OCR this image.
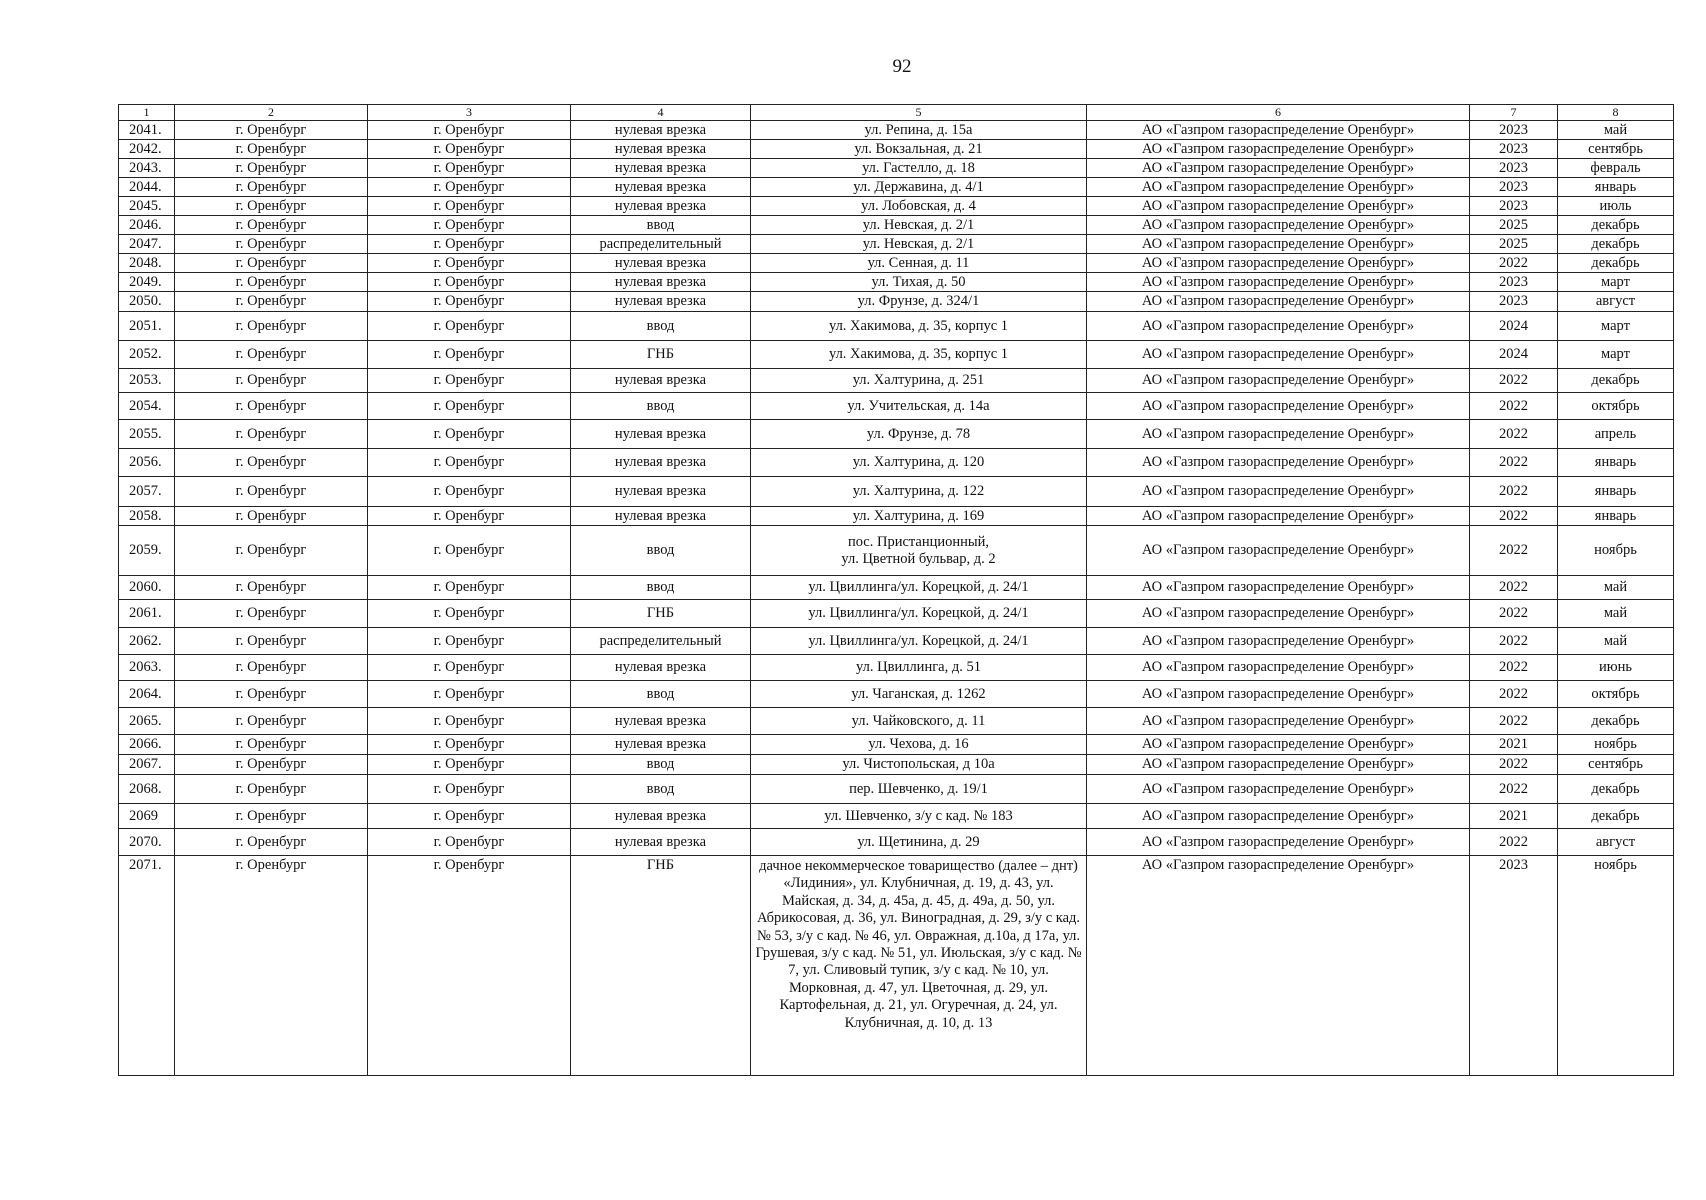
92
1	2	3	4	5	6	7	8
2041.	г. Оренбург	г. Оренбург	нулевая врезка	ул. Репина, д. 15а	АО «Газпром газораспределение Оренбург»	2023	май
2042.	г. Оренбург	г. Оренбург	нулевая врезка	ул. Вокзальная, д. 21	АО «Газпром газораспределение Оренбург»	2023	сентябрь
2043.	г. Оренбург	г. Оренбург	нулевая врезка	ул. Гастелло, д. 18	АО «Газпром газораспределение Оренбург»	2023	февраль
2044.	г. Оренбург	г. Оренбург	нулевая врезка	ул. Державина, д. 4/1	АО «Газпром газораспределение Оренбург»	2023	январь
2045.	г. Оренбург	г. Оренбург	нулевая врезка	ул. Лобовская, д. 4	АО «Газпром газораспределение Оренбург»	2023	июль
2046.	г. Оренбург	г. Оренбург	ввод	ул. Невская, д. 2/1	АО «Газпром газораспределение Оренбург»	2025	декабрь
2047.	г. Оренбург	г. Оренбург	распределительный	ул. Невская, д. 2/1	АО «Газпром газораспределение Оренбург»	2025	декабрь
2048.	г. Оренбург	г. Оренбург	нулевая врезка	ул. Сенная, д. 11	АО «Газпром газораспределение Оренбург»	2022	декабрь
2049.	г. Оренбург	г. Оренбург	нулевая врезка	ул. Тихая, д. 50	АО «Газпром газораспределение Оренбург»	2023	март
2050.	г. Оренбург	г. Оренбург	нулевая врезка	ул. Фрунзе, д. 324/1	АО «Газпром газораспределение Оренбург»	2023	август
2051.	г. Оренбург	г. Оренбург	ввод	ул. Хакимова, д. 35, корпус 1	АО «Газпром газораспределение Оренбург»	2024	март
2052.	г. Оренбург	г. Оренбург	ГНБ	ул. Хакимова, д. 35, корпус 1	АО «Газпром газораспределение Оренбург»	2024	март
2053.	г. Оренбург	г. Оренбург	нулевая врезка	ул. Халтурина, д. 251	АО «Газпром газораспределение Оренбург»	2022	декабрь
2054.	г. Оренбург	г. Оренбург	ввод	ул. Учительская, д. 14а	АО «Газпром газораспределение Оренбург»	2022	октябрь
2055.	г. Оренбург	г. Оренбург	нулевая врезка	ул. Фрунзе, д. 78	АО «Газпром газораспределение Оренбург»	2022	апрель
2056.	г. Оренбург	г. Оренбург	нулевая врезка	ул. Халтурина, д. 120	АО «Газпром газораспределение Оренбург»	2022	январь
2057.	г. Оренбург	г. Оренбург	нулевая врезка	ул. Халтурина, д. 122	АО «Газпром газораспределение Оренбург»	2022	январь
2058.	г. Оренбург	г. Оренбург	нулевая врезка	ул. Халтурина, д. 169	АО «Газпром газораспределение Оренбург»	2022	январь
2059.	г. Оренбург	г. Оренбург	ввод	пос. Пристанционный,
ул. Цветной бульвар, д. 2	АО «Газпром газораспределение Оренбург»	2022	ноябрь
2060.	г. Оренбург	г. Оренбург	ввод	ул. Цвиллинга/ул. Корецкой, д. 24/1	АО «Газпром газораспределение Оренбург»	2022	май
2061.	г. Оренбург	г. Оренбург	ГНБ	ул. Цвиллинга/ул. Корецкой, д. 24/1	АО «Газпром газораспределение Оренбург»	2022	май
2062.	г. Оренбург	г. Оренбург	распределительный	ул. Цвиллинга/ул. Корецкой, д. 24/1	АО «Газпром газораспределение Оренбург»	2022	май
2063.	г. Оренбург	г. Оренбург	нулевая врезка	ул. Цвиллинга, д. 51	АО «Газпром газораспределение Оренбург»	2022	июнь
2064.	г. Оренбург	г. Оренбург	ввод	ул. Чаганская, д. 1262	АО «Газпром газораспределение Оренбург»	2022	октябрь
2065.	г. Оренбург	г. Оренбург	нулевая врезка	ул. Чайковского, д. 11	АО «Газпром газораспределение Оренбург»	2022	декабрь
2066.	г. Оренбург	г. Оренбург	нулевая врезка	ул. Чехова, д. 16	АО «Газпром газораспределение Оренбург»	2021	ноябрь
2067.	г. Оренбург	г. Оренбург	ввод	ул. Чистопольская, д 10а	АО «Газпром газораспределение Оренбург»	2022	сентябрь
2068.	г. Оренбург	г. Оренбург	ввод	пер. Шевченко, д. 19/1	АО «Газпром газораспределение Оренбург»	2022	декабрь
2069	г. Оренбург	г. Оренбург	нулевая врезка	ул. Шевченко, з/у с кад. № 183	АО «Газпром газораспределение Оренбург»	2021	декабрь
2070.	г. Оренбург	г. Оренбург	нулевая врезка	ул. Щетинина, д. 29	АО «Газпром газораспределение Оренбург»	2022	август
2071.	г. Оренбург	г. Оренбург	ГНБ	дачное некоммерческое товарищество (далее – днт) «Лидиния», ул. Клубничная, д. 19, д. 43, ул. Майская, д. 34, д. 45а, д. 45, д. 49а, д. 50, ул. Абрикосовая, д. 36, ул. Виноградная, д. 29, з/у с кад. № 53, з/у с кад. № 46, ул. Овражная, д.10а, д 17а, ул. Грушевая, з/у с кад. № 51, ул. Июльская, з/у с кад. № 7, ул. Сливовый тупик, з/у с кад. № 10, ул. Морковная, д. 47, ул. Цветочная, д. 29, ул. Картофельная, д. 21, ул. Огуречная, д. 24, ул. Клубничная, д. 10, д. 13	АО «Газпром газораспределение Оренбург»	2023	ноябрь
